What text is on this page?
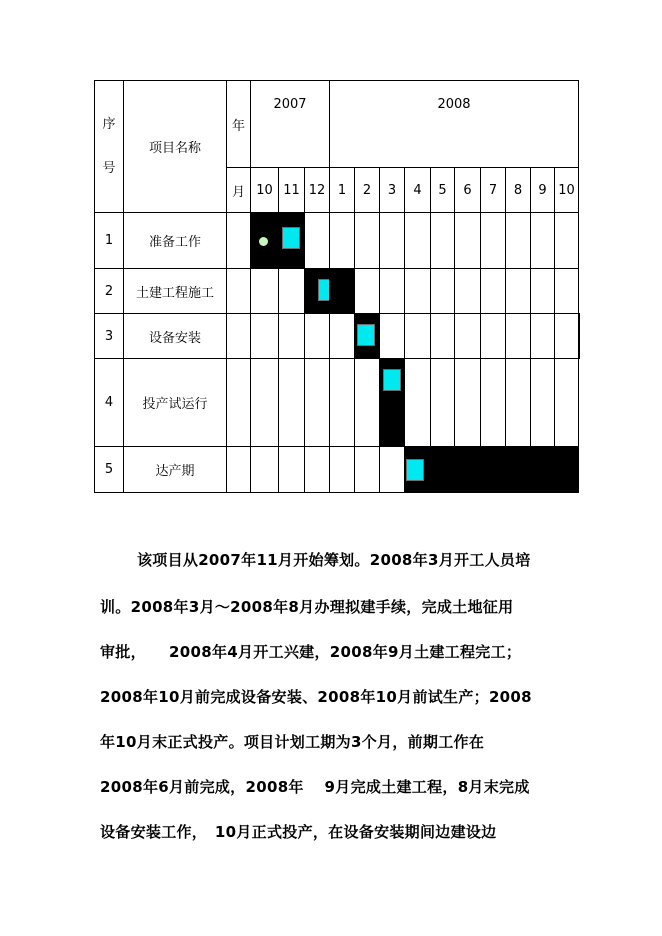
序
号	项目名称	年	2007			2008										
		月	10	11	12	1	2	3	4	5	6	7	8	9	10	
1	准备工作			

2	土建工程施工					

3	设备安装						

4	投产试运行								

5	达产期									

该项目从2007年11月开始筹划。2008年3月开工人员培
训。2008年3月～2008年8月办理拟建手续，完成土地征用
审批，　　2008年4月开工兴建，2008年9月土建工程完工；
2008年10月前完成设备安装、2008年10月前试生产；2008
年10月末正式投产。项目计划工期为3个月，前期工作在
2008年6月前完成，2008年　 9月完成土建工程，8月末完成
设备安装工作，　10月正式投产，在设备安装期间边建设边
